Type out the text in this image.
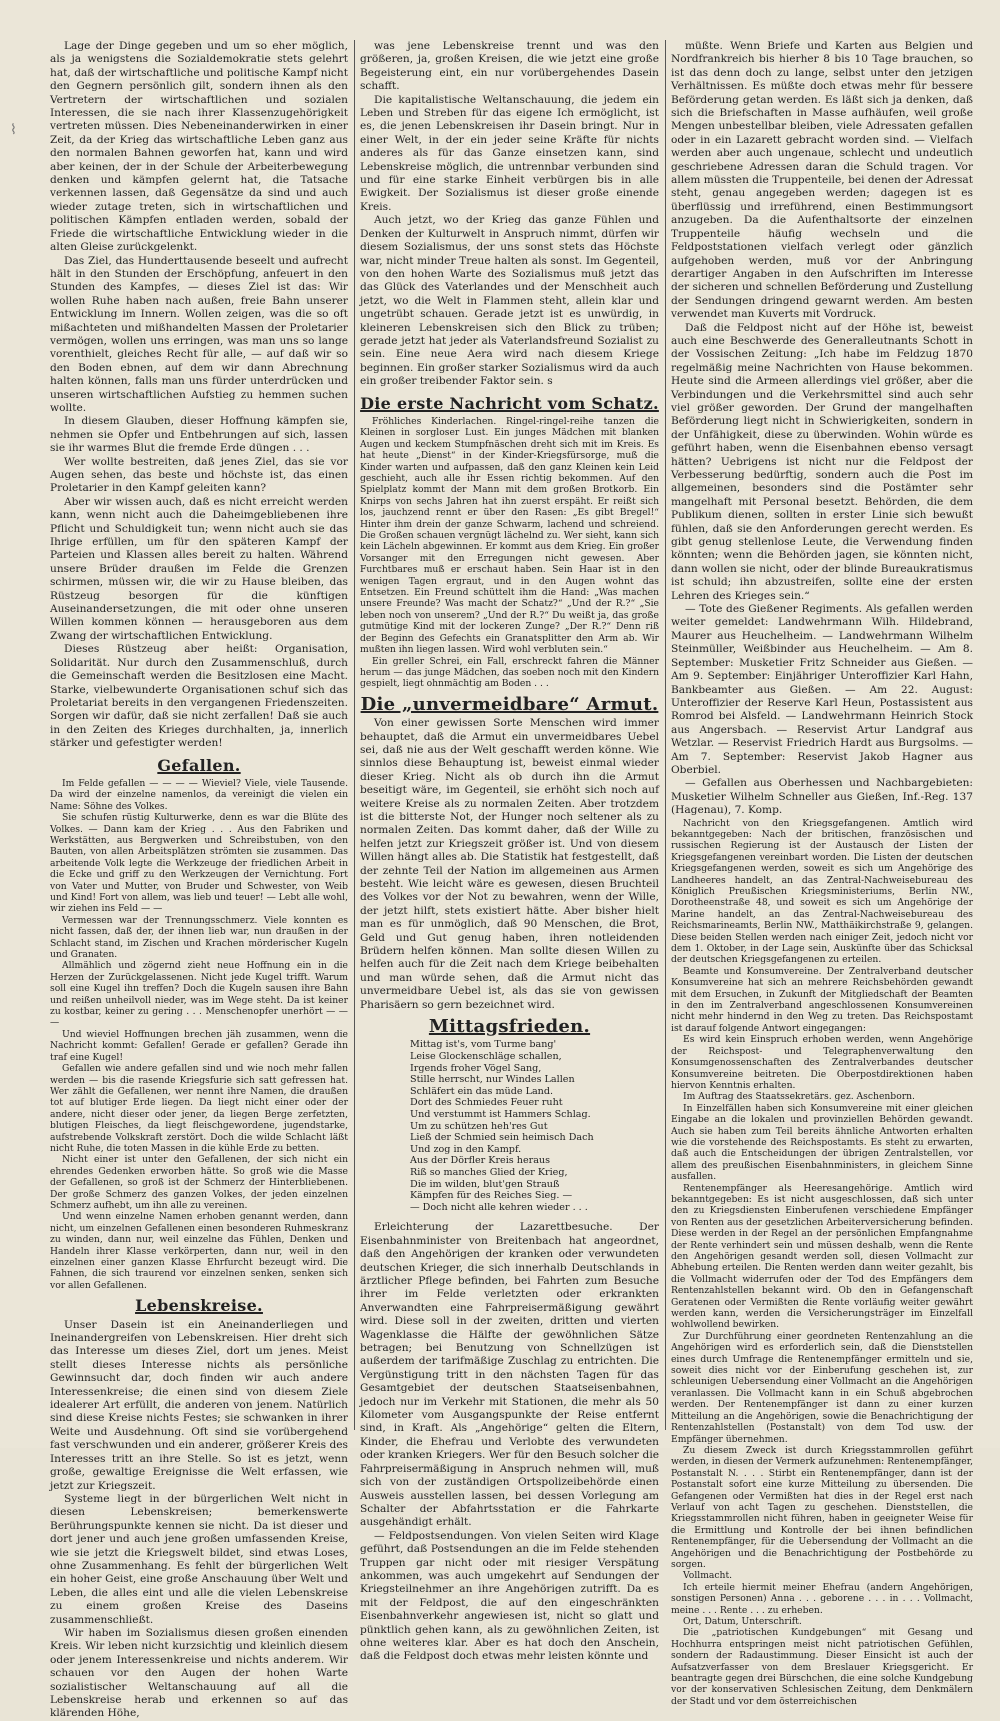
⌇

Lage der Dinge gegeben und um so eher möglich, als ja wenigstens die Sozialdemokratie stets gelehrt hat, daß der wirtschaftliche und politische Kampf nicht den Gegnern persönlich gilt, sondern ihnen als den Vertretern der wirtschaftlichen und sozialen Interessen, die sie nach ihrer Klassenzugehörigkeit vertreten müssen. Dies Nebeneinanderwirken in einer Zeit, da der Krieg das wirtschaftliche Leben ganz aus den normalen Bahnen geworfen hat, kann und wird aber keinen, der in der Schule der Arbeiterbewegung denken und kämpfen gelernt hat, die Tatsache verkennen lassen, daß Gegensätze da sind und auch wieder zutage treten, sich in wirtschaftlichen und politischen Kämpfen entladen werden, sobald der Friede die wirtschaftliche Entwicklung wieder in die alten Gleise zurückgelenkt.

Das Ziel, das Hunderttausende beseelt und aufrecht hält in den Stunden der Erschöpfung, anfeuert in den Stunden des Kampfes, — dieses Ziel ist das: Wir wollen Ruhe haben nach außen, freie Bahn unserer Entwicklung im Innern. Wollen zeigen, was die so oft mißachteten und mißhandelten Massen der Proletarier vermögen, wollen uns erringen, was man uns so lange vorenthielt, gleiches Recht für alle, — auf daß wir so den Boden ebnen, auf dem wir dann Abrechnung halten können, falls man uns fürder unterdrücken und unseren wirtschaftlichen Aufstieg zu hemmen suchen wollte.

In diesem Glauben, dieser Hoffnung kämpfen sie, nehmen sie Opfer und Entbehrungen auf sich, lassen sie ihr warmes Blut die fremde Erde düngen . . .

Wer wollte bestreiten, daß jenes Ziel, das sie vor Augen sehen, das beste und höchste ist, das einen Proletarier in den Kampf geleiten kann?

Aber wir wissen auch, daß es nicht erreicht werden kann, wenn nicht auch die Daheimgebliebenen ihre Pflicht und Schuldigkeit tun; wenn nicht auch sie das Ihrige erfüllen, um für den späteren Kampf der Parteien und Klassen alles bereit zu halten. Während unsere Brüder draußen im Felde die Grenzen schirmen, müssen wir, die wir zu Hause bleiben, das Rüstzeug besorgen für die künftigen Auseinandersetzungen, die mit oder ohne unseren Willen kommen können — herausgeboren aus dem Zwang der wirtschaftlichen Entwicklung.

Dieses Rüstzeug aber heißt: Organisation, Solidarität. Nur durch den Zusammenschluß, durch die Gemeinschaft werden die Besitzlosen eine Macht. Starke, vielbewunderte Organisationen schuf sich das Proletariat bereits in den vergangenen Friedenszeiten. Sorgen wir dafür, daß sie nicht zerfallen! Daß sie auch in den Zeiten des Krieges durchhalten, ja, innerlich stärker und gefestigter werden!

Gefallen.

Im Felde gefallen — — — — Wieviel? Viele, viele Tausende. Da wird der einzelne namenlos, da vereinigt die vielen ein Name: Söhne des Volkes.

Sie schufen rüstig Kulturwerke, denn es war die Blüte des Volkes. — Dann kam der Krieg . . . Aus den Fabriken und Werkstätten, aus Bergwerken und Schreibstuben, von den Bauten, von allen Arbeitsplätzen strömten sie zusammen. Das arbeitende Volk legte die Werkzeuge der friedlichen Arbeit in die Ecke und griff zu den Werkzeugen der Vernichtung. Fort von Vater und Mutter, von Bruder und Schwester, von Weib und Kind! Fort von allem, was lieb und teuer! — Lebt alle wohl, wir ziehen ins Feld — —

Vermessen war der Trennungsschmerz. Viele konnten es nicht fassen, daß der, der ihnen lieb war, nun draußen in der Schlacht stand, im Zischen und Krachen mörderischer Kugeln und Granaten.

Allmählich und zögernd zieht neue Hoffnung ein in die Herzen der Zurückgelassenen. Nicht jede Kugel trifft. Warum soll eine Kugel ihn treffen? Doch die Kugeln sausen ihre Bahn und reißen unheilvoll nieder, was im Wege steht. Da ist keiner zu kostbar, keiner zu gering . . . Menschenopfer unerhört — — —

Und wieviel Hoffnungen brechen jäh zusammen, wenn die Nachricht kommt: Gefallen! Gerade er gefallen? Gerade ihn traf eine Kugel!

Gefallen wie andere gefallen sind und wie noch mehr fallen werden — bis die rasende Kriegsfurie sich satt gefressen hat. Wer zählt die Gefallenen, wer nennt ihre Namen, die draußen tot auf blutiger Erde liegen. Da liegt nicht einer oder der andere, nicht dieser oder jener, da liegen Berge zerfetzten, blutigen Fleisches, da liegt fleischgewordene, jugendstarke, aufstrebende Volkskraft zerstört. Doch die wilde Schlacht läßt nicht Ruhe, die toten Massen in die kühle Erde zu betten.

Nicht einer ist unter den Gefallenen, der sich nicht ein ehrendes Gedenken erworben hätte. So groß wie die Masse der Gefallenen, so groß ist der Schmerz der Hinterbliebenen. Der große Schmerz des ganzen Volkes, der jeden einzelnen Schmerz aufhebt, um ihn alle zu vereinen.

Und wenn einzelne Namen erhoben genannt werden, dann nicht, um einzelnen Gefallenen einen besonderen Ruhmeskranz zu winden, dann nur, weil einzelne das Fühlen, Denken und Handeln ihrer Klasse verkörperten, dann nur, weil in den einzelnen einer ganzen Klasse Ehrfurcht bezeugt wird. Die Fahnen, die sich traurend vor einzelnen senken, senken sich vor allen Gefallenen.

Lebenskreise.

Unser Dasein ist ein Aneinanderliegen und Ineinandergreifen von Lebenskreisen. Hier dreht sich das Interesse um dieses Ziel, dort um jenes. Meist stellt dieses Interesse nichts als persönliche Gewinnsucht dar, doch finden wir auch andere Interessenkreise; die einen sind von diesem Ziele idealerer Art erfüllt, die anderen von jenem. Natürlich sind diese Kreise nichts Festes; sie schwanken in ihrer Weite und Ausdehnung. Oft sind sie vorübergehend fast verschwunden und ein anderer, größerer Kreis des Interesses tritt an ihre Stelle. So ist es jetzt, wenn große, gewaltige Ereignisse die Welt erfassen, wie jetzt zur Kriegszeit.

Systeme liegt in der bürgerlichen Welt nicht in diesen Lebenskreisen; bemerkenswerte Berührungspunkte kennen sie nicht. Da ist dieser und dort jener und auch jene großen umfassenden Kreise, wie sie jetzt die Kriegswelt bildet, sind etwas Loses, ohne Zusammenhang. Es fehlt der bürgerlichen Welt ein hoher Geist, eine große Anschauung über Welt und Leben, die alles eint und alle die vielen Lebenskreise zu einem großen Kreise des Daseins zusammenschließt.

Wir haben im Sozialismus diesen großen einenden Kreis. Wir leben nicht kurzsichtig und kleinlich diesem oder jenem Interessenkreise und nichts anderem. Wir schauen vor den Augen der hohen Warte sozialistischer Weltanschauung auf all die Lebenskreise herab und erkennen so auf das klärenden Höhe,

was jene Lebenskreise trennt und was den größeren, ja, großen Kreisen, die wie jetzt eine große Begeisterung eint, ein nur vorübergehendes Dasein schafft.

Die kapitalistische Weltanschauung, die jedem ein Leben und Streben für das eigene Ich ermöglicht, ist es, die jenen Lebenskreisen ihr Dasein bringt. Nur in einer Welt, in der ein jeder seine Kräfte für nichts anderes als für das Ganze einsetzen kann, sind Lebenskreise möglich, die untrennbar verbunden sind und für eine starke Einheit verbürgen bis in alle Ewigkeit. Der Sozialismus ist dieser große einende Kreis.

Auch jetzt, wo der Krieg das ganze Fühlen und Denken der Kulturwelt in Anspruch nimmt, dürfen wir diesem Sozialismus, der uns sonst stets das Höchste war, nicht minder Treue halten als sonst. Im Gegenteil, von den hohen Warte des Sozialismus muß jetzt das das Glück des Vaterlandes und der Menschheit auch jetzt, wo die Welt in Flammen steht, allein klar und ungetrübt schauen. Gerade jetzt ist es unwürdig, in kleineren Lebenskreisen sich den Blick zu trüben; gerade jetzt hat jeder als Vaterlandsfreund Sozialist zu sein. Eine neue Aera wird nach diesem Kriege beginnen. Ein großer starker Sozialismus wird da auch ein großer treibender Faktor sein. s

Die erste Nachricht vom Schatz.

Fröhliches Kinderlachen. Ringel-ringel-reihe tanzen die Kleinen in sorgloser Lust. Ein junges Mädchen mit blanken Augen und keckem Stumpfnäschen dreht sich mit im Kreis. Es hat heute „Dienst“ in der Kinder-Kriegsfürsorge, muß die Kinder warten und aufpassen, daß den ganz Kleinen kein Leid geschieht, auch alle ihr Essen richtig bekommen. Auf den Spielplatz kommt der Mann mit dem großen Brotkorb. Ein Knirps von sechs Jahren hat ihn zuerst erspäht. Er reißt sich los, jauchzend rennt er über den Rasen: „Es gibt Bregel!“ Hinter ihm drein der ganze Schwarm, lachend und schreiend. Die Großen schauen vergnügt lächelnd zu. Wer sieht, kann sich kein Lächeln abgewinnen. Er kommt aus dem Krieg. Ein großer Vorsanger mit den Erregungen nicht gewesen. Aber Furchtbares muß er erschaut haben. Sein Haar ist in den wenigen Tagen ergraut, und in den Augen wohnt das Entsetzen. Ein Freund schüttelt ihm die Hand: „Was machen unsere Freunde? Was macht der Schatz?“ „Und der R.?“ „Sie leben noch von unserem? „Und der R.?“ Du weißt ja, das große gutmütige Kind mit der lockeren Zunge? „Der R.?“ Denn riß der Beginn des Gefechts ein Granatsplitter den Arm ab. Wir mußten ihn liegen lassen. Wird wohl verbluten sein.“

Ein greller Schrei, ein Fall, erschreckt fahren die Männer herum — das junge Mädchen, das soeben noch mit den Kindern gespielt, liegt ohnmächtig am Boden . . .

Die „unvermeidbare“ Armut.

Von einer gewissen Sorte Menschen wird immer behauptet, daß die Armut ein unvermeidbares Uebel sei, daß nie aus der Welt geschafft werden könne. Wie sinnlos diese Behauptung ist, beweist einmal wieder dieser Krieg. Nicht als ob durch ihn die Armut beseitigt wäre, im Gegenteil, sie erhöht sich noch auf weitere Kreise als zu normalen Zeiten. Aber trotzdem ist die bitterste Not, der Hunger noch seltener als zu normalen Zeiten. Das kommt daher, daß der Wille zu helfen jetzt zur Kriegszeit größer ist. Und von diesem Willen hängt alles ab. Die Statistik hat festgestellt, daß der zehnte Teil der Nation im allgemeinen aus Armen besteht. Wie leicht wäre es gewesen, diesen Bruchteil des Volkes vor der Not zu bewahren, wenn der Wille, der jetzt hilft, stets existiert hätte. Aber bisher hielt man es für unmöglich, daß 90 Menschen, die Brot, Geld und Gut genug haben, ihren notleidenden Brüdern helfen können. Man sollte diesen Willen zu helfen auch für die Zeit nach dem Kriege beibehalten und man würde sehen, daß die Armut nicht das unvermeidbare Uebel ist, als das sie von gewissen Pharisäern so gern bezeichnet wird.

Mittagsfrieden.
Mittag ist's, vom Turme bang'
Leise Glockenschläge schallen,
Irgends froher Vögel Sang,
Stille herrscht, nur Windes Lallen
Schläfert ein das müde Land.
Dort des Schmiedes Feuer ruht
Und verstummt ist Hammers Schlag.
Um zu schützen heh'res Gut
Ließ der Schmied sein heimisch Dach
Und zog in den Kampf.
Aus der Dörfler Kreis heraus
Riß so manches Glied der Krieg,
Die im wilden, blut'gen Strauß
Kämpfen für des Reiches Sieg. —
— Doch nicht alle kehren wieder . . .

Erleichterung der Lazarettbesuche. Der Eisenbahnminister von Breitenbach hat angeordnet, daß den Angehörigen der kranken oder verwundeten deutschen Krieger, die sich innerhalb Deutschlands in ärztlicher Pflege befinden, bei Fahrten zum Besuche ihrer im Felde verletzten oder erkrankten Anverwandten eine Fahrpreisermäßigung gewährt wird. Diese soll in der zweiten, dritten und vierten Wagenklasse die Hälfte der gewöhnlichen Sätze betragen; bei Benutzung von Schnellzügen ist außerdem der tarifmäßige Zuschlag zu entrichten. Die Vergünstigung tritt in den nächsten Tagen für das Gesamtgebiet der deutschen Staatseisenbahnen, jedoch nur im Verkehr mit Stationen, die mehr als 50 Kilometer vom Ausgangspunkte der Reise entfernt sind, in Kraft. Als „Angehörige“ gelten die Eltern, Kinder, die Ehefrau und Verlobte des verwundeten oder kranken Kriegers. Wer für den Besuch solcher die Fahrpreisermäßigung in Anspruch nehmen will, muß sich von der zuständigen Ortspolizeibehörde einen Ausweis ausstellen lassen, bei dessen Vorlegung am Schalter der Abfahrtsstation er die Fahrkarte ausgehändigt erhält.

— Feldpostsendungen. Von vielen Seiten wird Klage geführt, daß Postsendungen an die im Felde stehenden Truppen gar nicht oder mit riesiger Verspätung ankommen, was auch umgekehrt auf Sendungen der Kriegsteilnehmer an ihre Angehörigen zutrifft. Da es mit der Feldpost, die auf den eingeschränkten Eisenbahnverkehr angewiesen ist, nicht so glatt und pünktlich gehen kann, als zu gewöhnlichen Zeiten, ist ohne weiteres klar. Aber es hat doch den Anschein, daß die Feldpost doch etwas mehr leisten könnte und

müßte. Wenn Briefe und Karten aus Belgien und Nordfrankreich bis hierher 8 bis 10 Tage brauchen, so ist das denn doch zu lange, selbst unter den jetzigen Verhältnissen. Es müßte doch etwas mehr für bessere Beförderung getan werden. Es läßt sich ja denken, daß sich die Briefschaften in Masse aufhäufen, weil große Mengen unbestellbar bleiben, viele Adressaten gefallen oder in ein Lazarett gebracht worden sind. — Vielfach werden aber auch ungenaue, schlecht und undeutlich geschriebene Adressen daran die Schuld tragen. Vor allem müssten die Truppenteile, bei denen der Adressat steht, genau angegeben werden; dagegen ist es überflüssig und irreführend, einen Bestimmungsort anzugeben. Da die Aufenthaltsorte der einzelnen Truppenteile häufig wechseln und die Feldpoststationen vielfach verlegt oder gänzlich aufgehoben werden, muß vor der Anbringung derartiger Angaben in den Aufschriften im Interesse der sicheren und schnellen Beförderung und Zustellung der Sendungen dringend gewarnt werden. Am besten verwendet man Kuverts mit Vordruck.

Daß die Feldpost nicht auf der Höhe ist, beweist auch eine Beschwerde des Generalleutnants Schott in der Vossischen Zeitung: „Ich habe im Feldzug 1870 regelmäßig meine Nachrichten von Hause bekommen. Heute sind die Armeen allerdings viel größer, aber die Verbindungen und die Verkehrsmittel sind auch sehr viel größer geworden. Der Grund der mangelhaften Beförderung liegt nicht in Schwierigkeiten, sondern in der Unfähigkeit, diese zu überwinden. Wohin würde es geführt haben, wenn die Eisenbahnen ebenso versagt hätten? Uebrigens ist nicht nur die Feldpost der Verbesserung bedürftig, sondern auch die Post im allgemeinen, besonders sind die Postämter sehr mangelhaft mit Personal besetzt. Behörden, die dem Publikum dienen, sollten in erster Linie sich bewußt fühlen, daß sie den Anforderungen gerecht werden. Es gibt genug stellenlose Leute, die Verwendung finden könnten; wenn die Behörden jagen, sie könnten nicht, dann wollen sie nicht, oder der blinde Bureaukratismus ist schuld; ihn abzustreifen, sollte eine der ersten Lehren des Krieges sein.“

— Tote des Gießener Regiments. Als gefallen werden weiter gemeldet: Landwehrmann Wilh. Hildebrand, Maurer aus Heuchelheim. — Landwehrmann Wilhelm Steinmüller, Weißbinder aus Heuchelheim. — Am 8. September: Musketier Fritz Schneider aus Gießen. — Am 9. September: Einjähriger Unteroffizier Karl Hahn, Bankbeamter aus Gießen. — Am 22. August: Unteroffizier der Reserve Karl Heun, Postassistent aus Romrod bei Alsfeld. — Landwehrmann Heinrich Stock aus Angersbach. — Reservist Artur Landgraf aus Wetzlar. — Reservist Friedrich Hardt aus Burgsolms. — Am 7. September: Reservist Jakob Hagner aus Oberbiel.

— Gefallen aus Oberhessen und Nachbargebieten: Musketier Wilhelm Schneller aus Gießen, Inf.-Reg. 137 (Hagenau), 7. Komp.

Nachricht von den Kriegsgefangenen. Amtlich wird bekanntgegeben: Nach der britischen, französischen und russischen Regierung ist der Austausch der Listen der Kriegsgefangenen vereinbart worden. Die Listen der deutschen Kriegsgefangenen werden, soweit es sich um Angehörige des Landheeres handelt, an das Zentral-Nachweisebureau des Königlich Preußischen Kriegsministeriums, Berlin NW., Dorotheenstraße 48, und soweit es sich um Angehörige der Marine handelt, an das Zentral-Nachweisebureau des Reichsmarineamts, Berlin NW., Matthäikirchstraße 9, gelangen. Diese beiden Stellen werden nach einiger Zeit, jedoch nicht vor dem 1. Oktober, in der Lage sein, Auskünfte über das Schicksal der deutschen Kriegsgefangenen zu erteilen.

Beamte und Konsumvereine. Der Zentralverband deutscher Konsumvereine hat sich an mehrere Reichsbehörden gewandt mit dem Ersuchen, in Zukunft der Mitgliedschaft der Beamten in den im Zentralverband angeschlossenen Konsumvereinen nicht mehr hindernd in den Weg zu treten. Das Reichspostamt ist darauf folgende Antwort eingegangen:

Es wird kein Einspruch erhoben werden, wenn Angehörige der Reichspost- und Telegraphenverwaltung den Konsumgenossenschaften des Zentralverbandes deutscher Konsumvereine beitreten. Die Oberpostdirektionen haben hiervon Kenntnis erhalten.

Im Auftrag des Staatssekretärs. gez. Aschenborn.

In Einzelfällen haben sich Konsumvereine mit einer gleichen Eingabe an die lokalen und provinziellen Behörden gewandt. Auch sie haben zum Teil bereits ähnliche Antworten erhalten wie die vorstehende des Reichspostamts. Es steht zu erwarten, daß auch die Entscheidungen der übrigen Zentralstellen, vor allem des preußischen Eisenbahnministers, in gleichem Sinne ausfallen.

Rentenempfänger als Heeresangehörige. Amtlich wird bekanntgegeben: Es ist nicht ausgeschlossen, daß sich unter den zu Kriegsdiensten Einberufenen verschiedene Empfänger von Renten aus der gesetzlichen Arbeiterversicherung befinden. Diese werden in der Regel an der persönlichen Empfangnahme der Rente verhindert sein und müssen deshalb, wenn die Rente den Angehörigen gesandt werden soll, diesen Vollmacht zur Abhebung erteilen. Die Renten werden dann weiter gezahlt, bis die Vollmacht widerrufen oder der Tod des Empfängers dem Rentenzahlstellen bekannt wird. Ob den in Gefangenschaft Geratenen oder Vermißten die Rente vorläufig weiter gewährt werden kann, werden die Versicherungsträger im Einzelfall wohlwollend bewirken.

Zur Durchführung einer geordneten Rentenzahlung an die Angehörigen wird es erforderlich sein, daß die Dienststellen eines durch Umfrage die Rentenempfänger ermitteln und sie, soweit dies nicht vor der Einberufung geschehen ist, zur schleunigen Uebersendung einer Vollmacht an die Angehörigen veranlassen. Die Vollmacht kann in ein Schuß abgebrochen werden. Der Rentenempfänger ist dann zu einer kurzen Mitteilung an die Angehörigen, sowie die Benachrichtigung der Rentenzahlstellen (Postanstalt) von dem Tod usw. der Empfänger übernehmen.

Zu diesem Zweck ist durch Kriegsstammrollen geführt werden, in diesen der Vermerk aufzunehmen: Rentenempfänger, Postanstalt N. . . . Stirbt ein Rentenempfänger, dann ist der Postanstalt sofort eine kurze Mitteilung zu übersenden. Die Gefangenen oder Vermißten hat dies in der Regel erst nach Verlauf von acht Tagen zu geschehen. Dienststellen, die Kriegsstammrollen nicht führen, haben in geeigneter Weise für die Ermittlung und Kontrolle der bei ihnen befindlichen Rentenempfänger, für die Uebersendung der Vollmacht an die Angehörigen und die Benachrichtigung der Postbehörde zu sorgen.

Vollmacht.

Ich erteile hiermit meiner Ehefrau (andern Angehörigen, sonstigen Personen) Anna . . . geborene . . . in . . . Vollmacht, meine . . . Rente . . . zu erheben.

Ort, Datum, Unterschrift.

Die „patriotischen Kundgebungen“ mit Gesang und Hochhurra entspringen meist nicht patriotischen Gefühlen, sondern der Radaustimmung. Dieser Einsicht ist auch der Aufsatzverfasser von dem Breslauer Kriegsgericht. Er beantragte gegen drei Bürschchen, die eine solche Kundgebung vor der konservativen Schlesischen Zeitung, dem Denkmälern der Stadt und vor dem österreichischen
